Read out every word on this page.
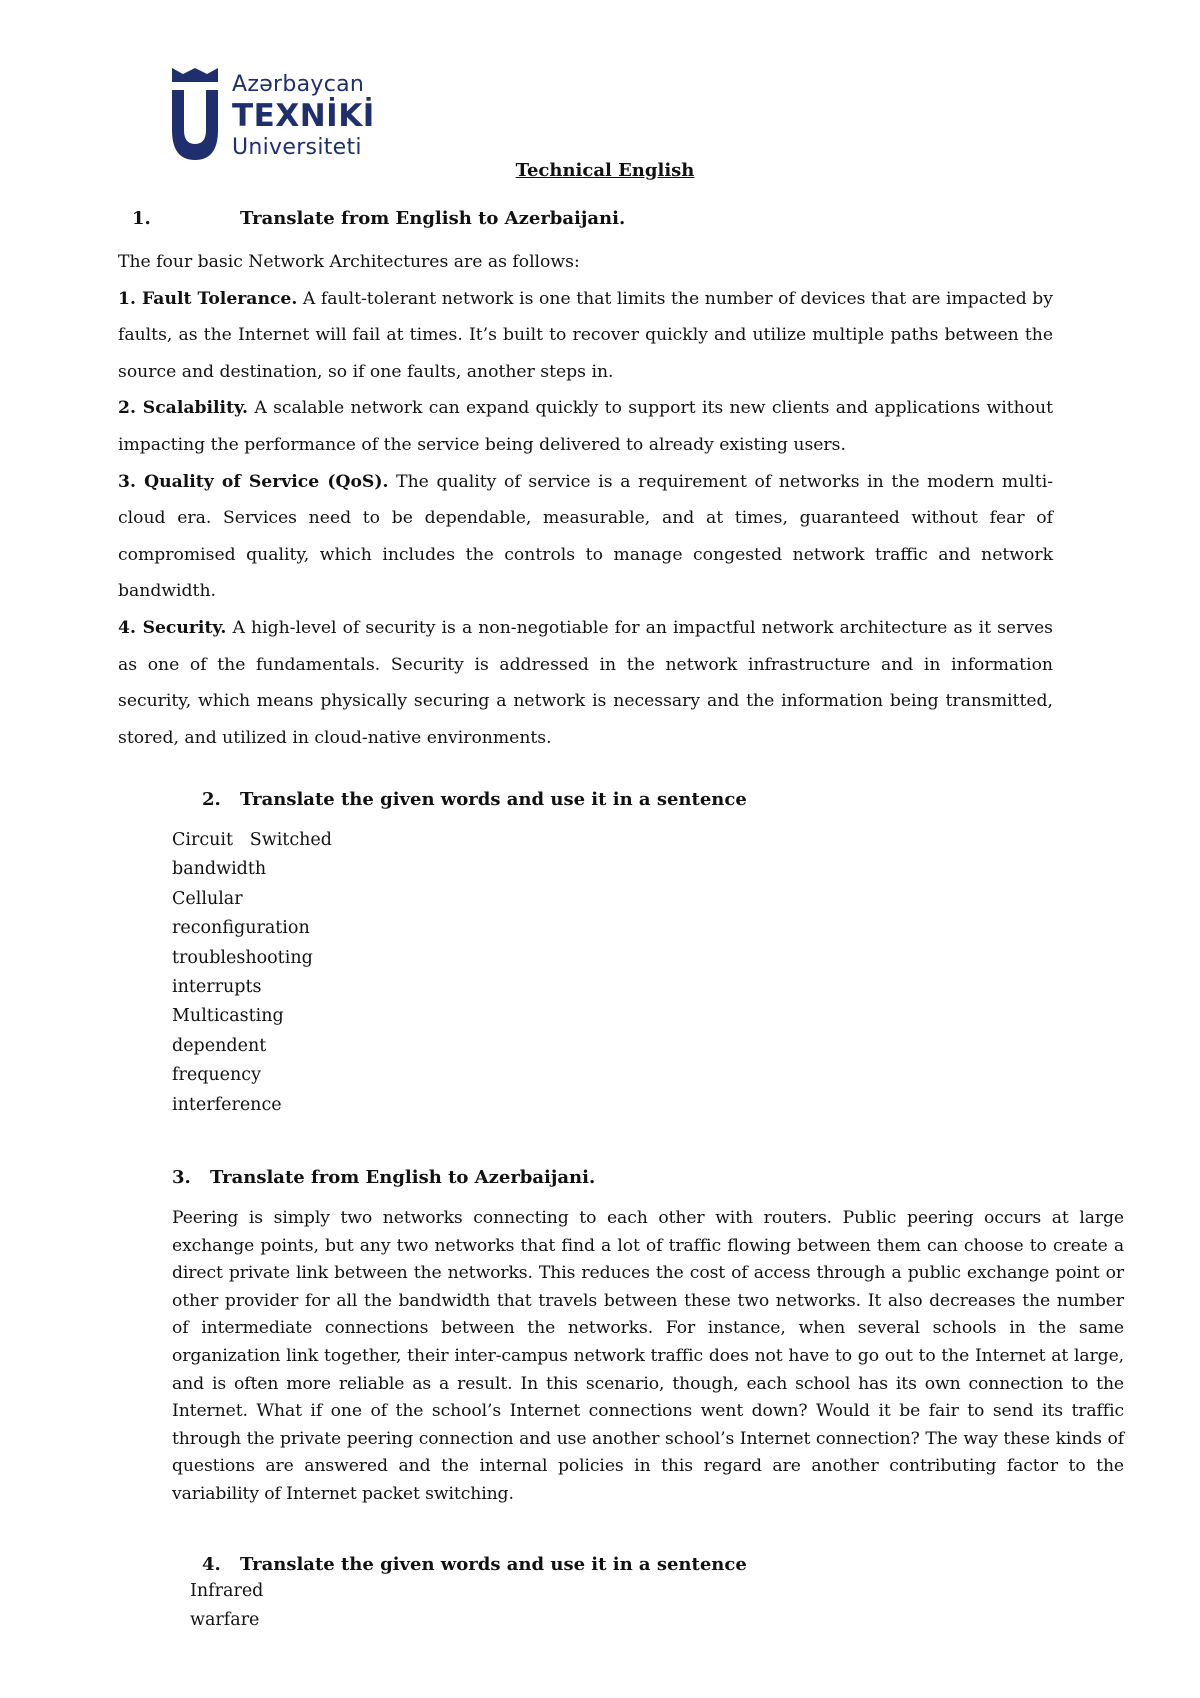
Azərbaycan
TEXNİKİ
Universiteti
Technical English
1.	Translate from English to Azerbaijani.
The four basic Network Architectures are as follows:
1. Fault Tolerance. A fault-tolerant network is one that limits the number of devices that are impacted by faults, as the Internet will fail at times. It’s built to recover quickly and utilize multiple paths between the source and destination, so if one faults, another steps in.
2. Scalability. A scalable network can expand quickly to support its new clients and applications without impacting the performance of the service being delivered to already existing users.
3. Quality of Service (QoS). The quality of service is a requirement of networks in the modern multi-cloud era. Services need to be dependable, measurable, and at times, guaranteed without fear of compromised quality, which includes the controls to manage congested network traffic and network bandwidth.
4. Security. A high-level of security is a non-negotiable for an impactful network architecture as it serves as one of the fundamentals. Security is addressed in the network infrastructure and in information security, which means physically securing a network is necessary and the information being transmitted, stored, and utilized in cloud-native environments.
2. Translate the given words and use it in a sentence
Circuit   Switched
bandwidth
Cellular
reconfiguration
troubleshooting
interrupts
Multicasting
dependent
frequency
interference
3. Translate from English to Azerbaijani.

Peering is simply two networks connecting to each other with routers. Public peering occurs at large exchange points, but any two networks that find a lot of traffic flowing between them can choose to create a direct private link between the networks. This reduces the cost of access through a public exchange point or other provider for all the bandwidth that travels between these two networks. It also decreases the number of intermediate connections between the networks. For instance, when several schools in the same organization link together, their inter-campus network traffic does not have to go out to the Internet at large, and is often more reliable as a result. In this scenario, though, each school has its own connection to the Internet. What if one of the school’s Internet connections went down? Would it be fair to send its traffic through the private peering connection and use another school’s Internet connection? The way these kinds of questions are answered and the internal policies in this regard are another contributing factor to the variability of Internet packet switching.

4. Translate the given words and use it in a sentence
Infrared
warfare
